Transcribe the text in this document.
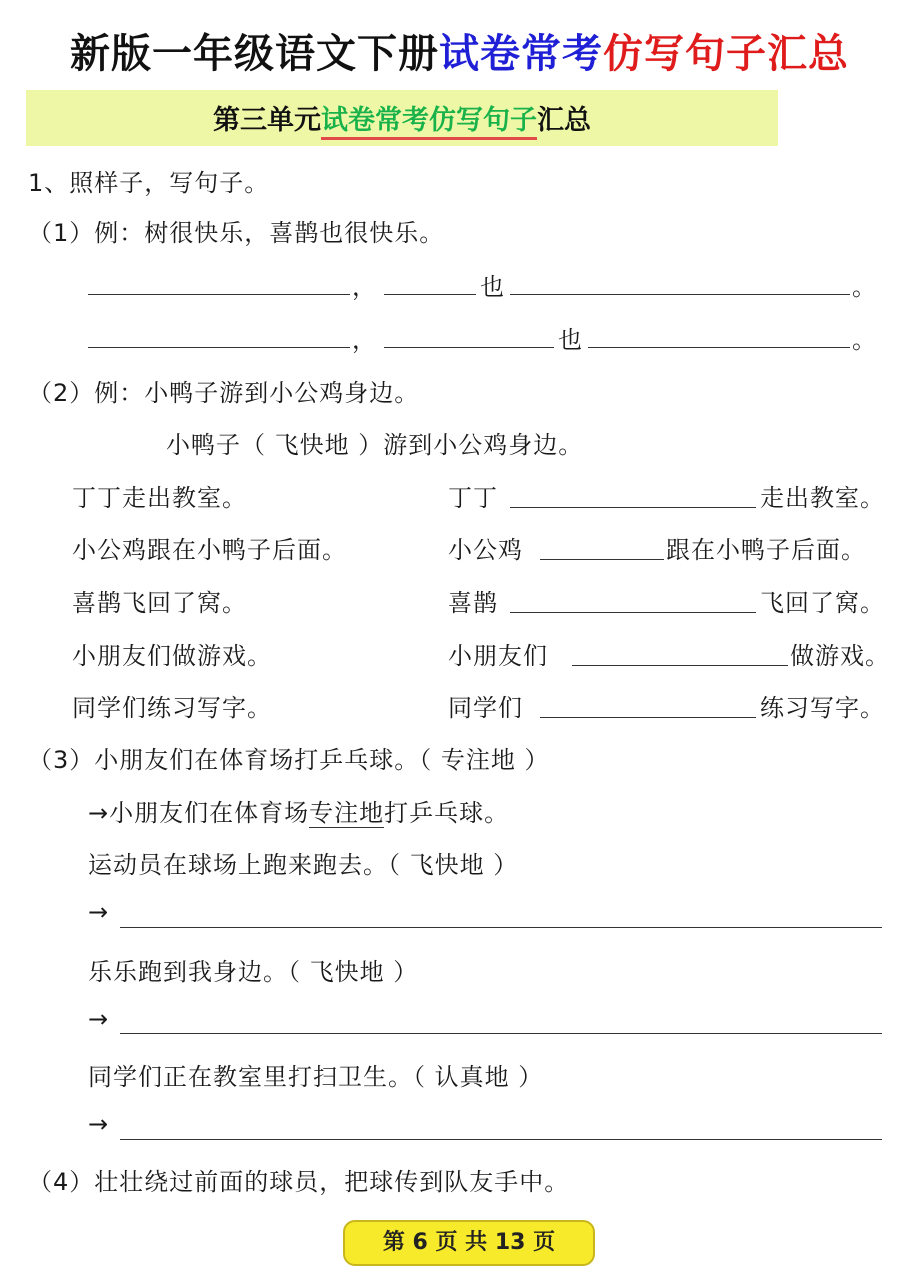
新版一年级语文下册试卷常考仿写句子汇总
第三单元试卷常考仿写句子汇总
1、照样子，写句子。
（1）例：树很快乐，喜鹊也很快乐。
，	也	。
，	也	。
（2）例：小鸭子游到小公鸡身边。
小鸭子（ 飞快地 ）游到小公鸡身边。
丁丁走出教室。	丁丁	走出教室。
小公鸡跟在小鸭子后面。	小公鸡	跟在小鸭子后面。
喜鹊飞回了窝。	喜鹊	飞回了窝。
小朋友们做游戏。	小朋友们	做游戏。
同学们练习写字。	同学们	练习写字。
（3）小朋友们在体育场打乒乓球。（ 专注地 ）
→小朋友们在体育场专注地打乒乓球。
运动员在球场上跑来跑去。（ 飞快地 ）
→
乐乐跑到我身边。（ 飞快地 ）
→
同学们正在教室里打扫卫生。（ 认真地 ）
→
（4）壮壮绕过前面的球员，把球传到队友手中。
第 6 页 共 13 页
